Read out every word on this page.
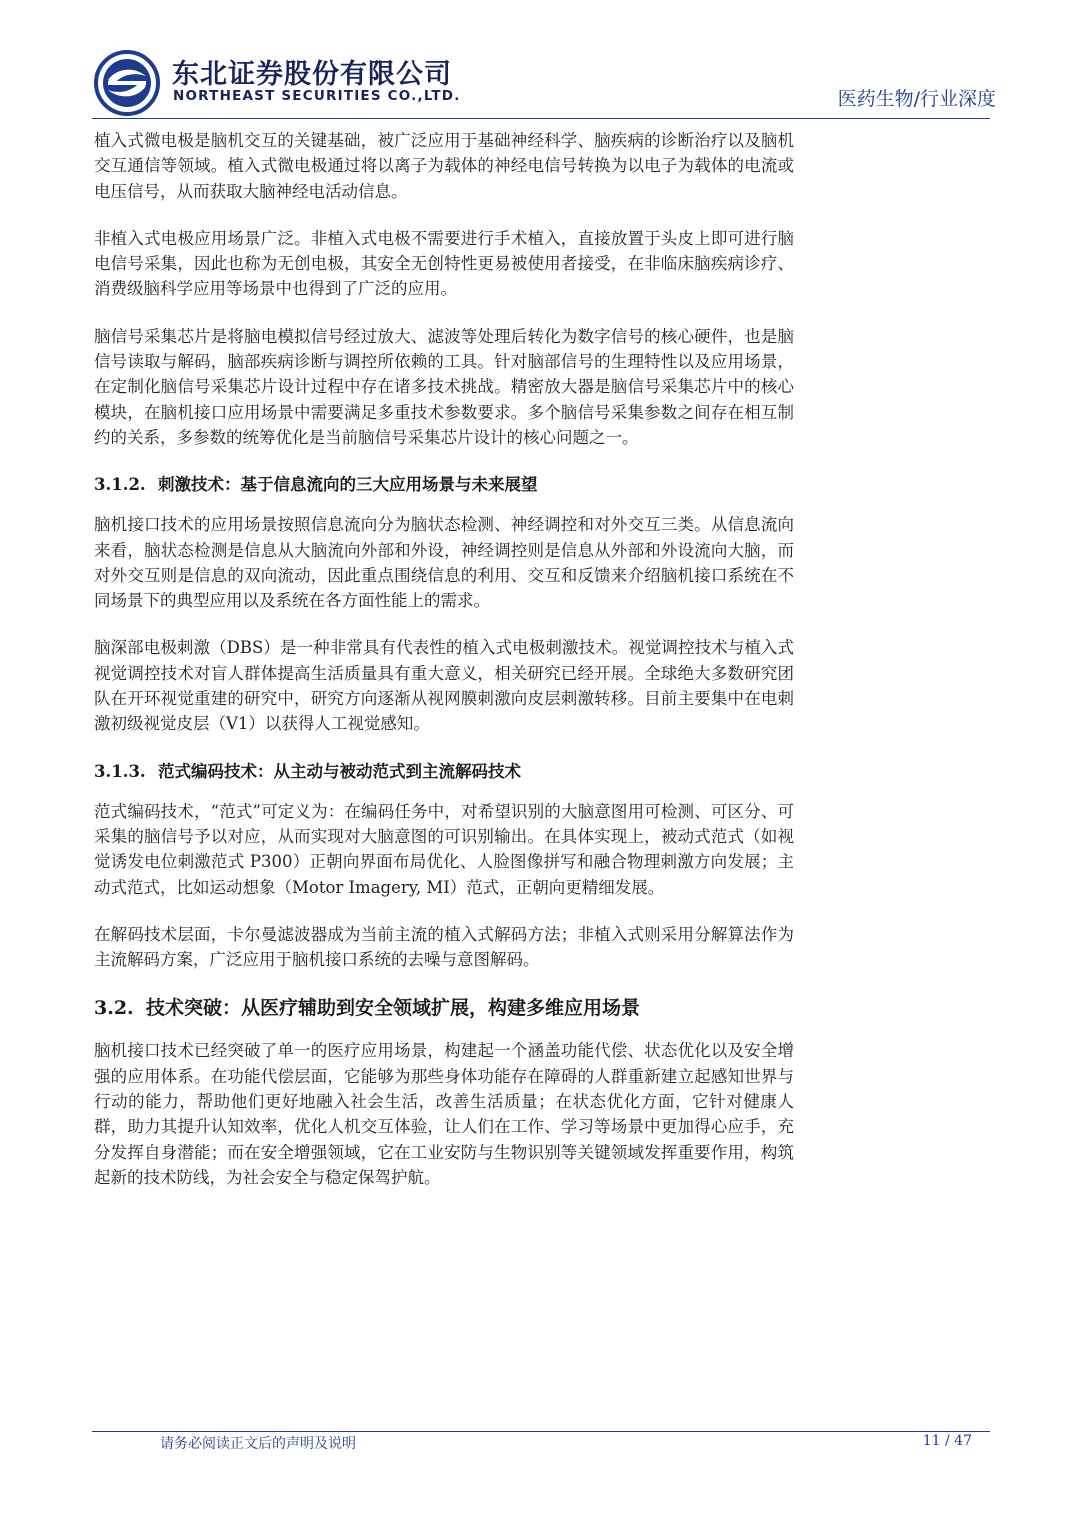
东北证券股份有限公司
NORTHEAST SECURITIES CO.,LTD.	医药生物/行业深度

植入式微电极是脑机交互的关键基础，被广泛应用于基础神经科学、脑疾病的诊断治疗以及脑机交互通信等领域。植入式微电极通过将以离子为载体的神经电信号转换为以电子为载体的电流或电压信号，从而获取大脑神经电活动信息。

非植入式电极应用场景广泛。非植入式电极不需要进行手术植入，直接放置于头皮上即可进行脑电信号采集，因此也称为无创电极，其安全无创特性更易被使用者接受，在非临床脑疾病诊疗、消费级脑科学应用等场景中也得到了广泛的应用。

脑信号采集芯片是将脑电模拟信号经过放大、滤波等处理后转化为数字信号的核心硬件，也是脑信号读取与解码，脑部疾病诊断与调控所依赖的工具。针对脑部信号的生理特性以及应用场景，在定制化脑信号采集芯片设计过程中存在诸多技术挑战。精密放大器是脑信号采集芯片中的核心模块，在脑机接口应用场景中需要满足多重技术参数要求。多个脑信号采集参数之间存在相互制约的关系，多参数的统筹优化是当前脑信号采集芯片设计的核心问题之一。

3.1.2. 刺激技术：基于信息流向的三大应用场景与未来展望

脑机接口技术的应用场景按照信息流向分为脑状态检测、神经调控和对外交互三类。从信息流向来看，脑状态检测是信息从大脑流向外部和外设，神经调控则是信息从外部和外设流向大脑，而对外交互则是信息的双向流动，因此重点围绕信息的利用、交互和反馈来介绍脑机接口系统在不同场景下的典型应用以及系统在各方面性能上的需求。

脑深部电极刺激（DBS）是一种非常具有代表性的植入式电极刺激技术。视觉调控技术与植入式视觉调控技术对盲人群体提高生活质量具有重大意义，相关研究已经开展。全球绝大多数研究团队在开环视觉重建的研究中，研究方向逐渐从视网膜刺激向皮层刺激转移。目前主要集中在电刺激初级视觉皮层（V1）以获得人工视觉感知。

3.1.3. 范式编码技术：从主动与被动范式到主流解码技术

范式编码技术，“范式”可定义为：在编码任务中，对希望识别的大脑意图用可检测、可区分、可采集的脑信号予以对应，从而实现对大脑意图的可识别输出。在具体实现上，被动式范式（如视觉诱发电位刺激范式 P300）正朝向界面布局优化、人脸图像拼写和融合物理刺激方向发展；主动式范式，比如运动想象（Motor Imagery, MI）范式，正朝向更精细发展。

在解码技术层面，卡尔曼滤波器成为当前主流的植入式解码方法；非植入式则采用分解算法作为主流解码方案，广泛应用于脑机接口系统的去噪与意图解码。

3.2. 技术突破：从医疗辅助到安全领域扩展，构建多维应用场景

脑机接口技术已经突破了单一的医疗应用场景，构建起一个涵盖功能代偿、状态优化以及安全增强的应用体系。在功能代偿层面，它能够为那些身体功能存在障碍的人群重新建立起感知世界与行动的能力，帮助他们更好地融入社会生活，改善生活质量；在状态优化方面，它针对健康人群，助力其提升认知效率，优化人机交互体验，让人们在工作、学习等场景中更加得心应手，充分发挥自身潜能；而在安全增强领域，它在工业安防与生物识别等关键领域发挥重要作用，构筑起新的技术防线，为社会安全与稳定保驾护航。

请务必阅读正文后的声明及说明	11 / 47
